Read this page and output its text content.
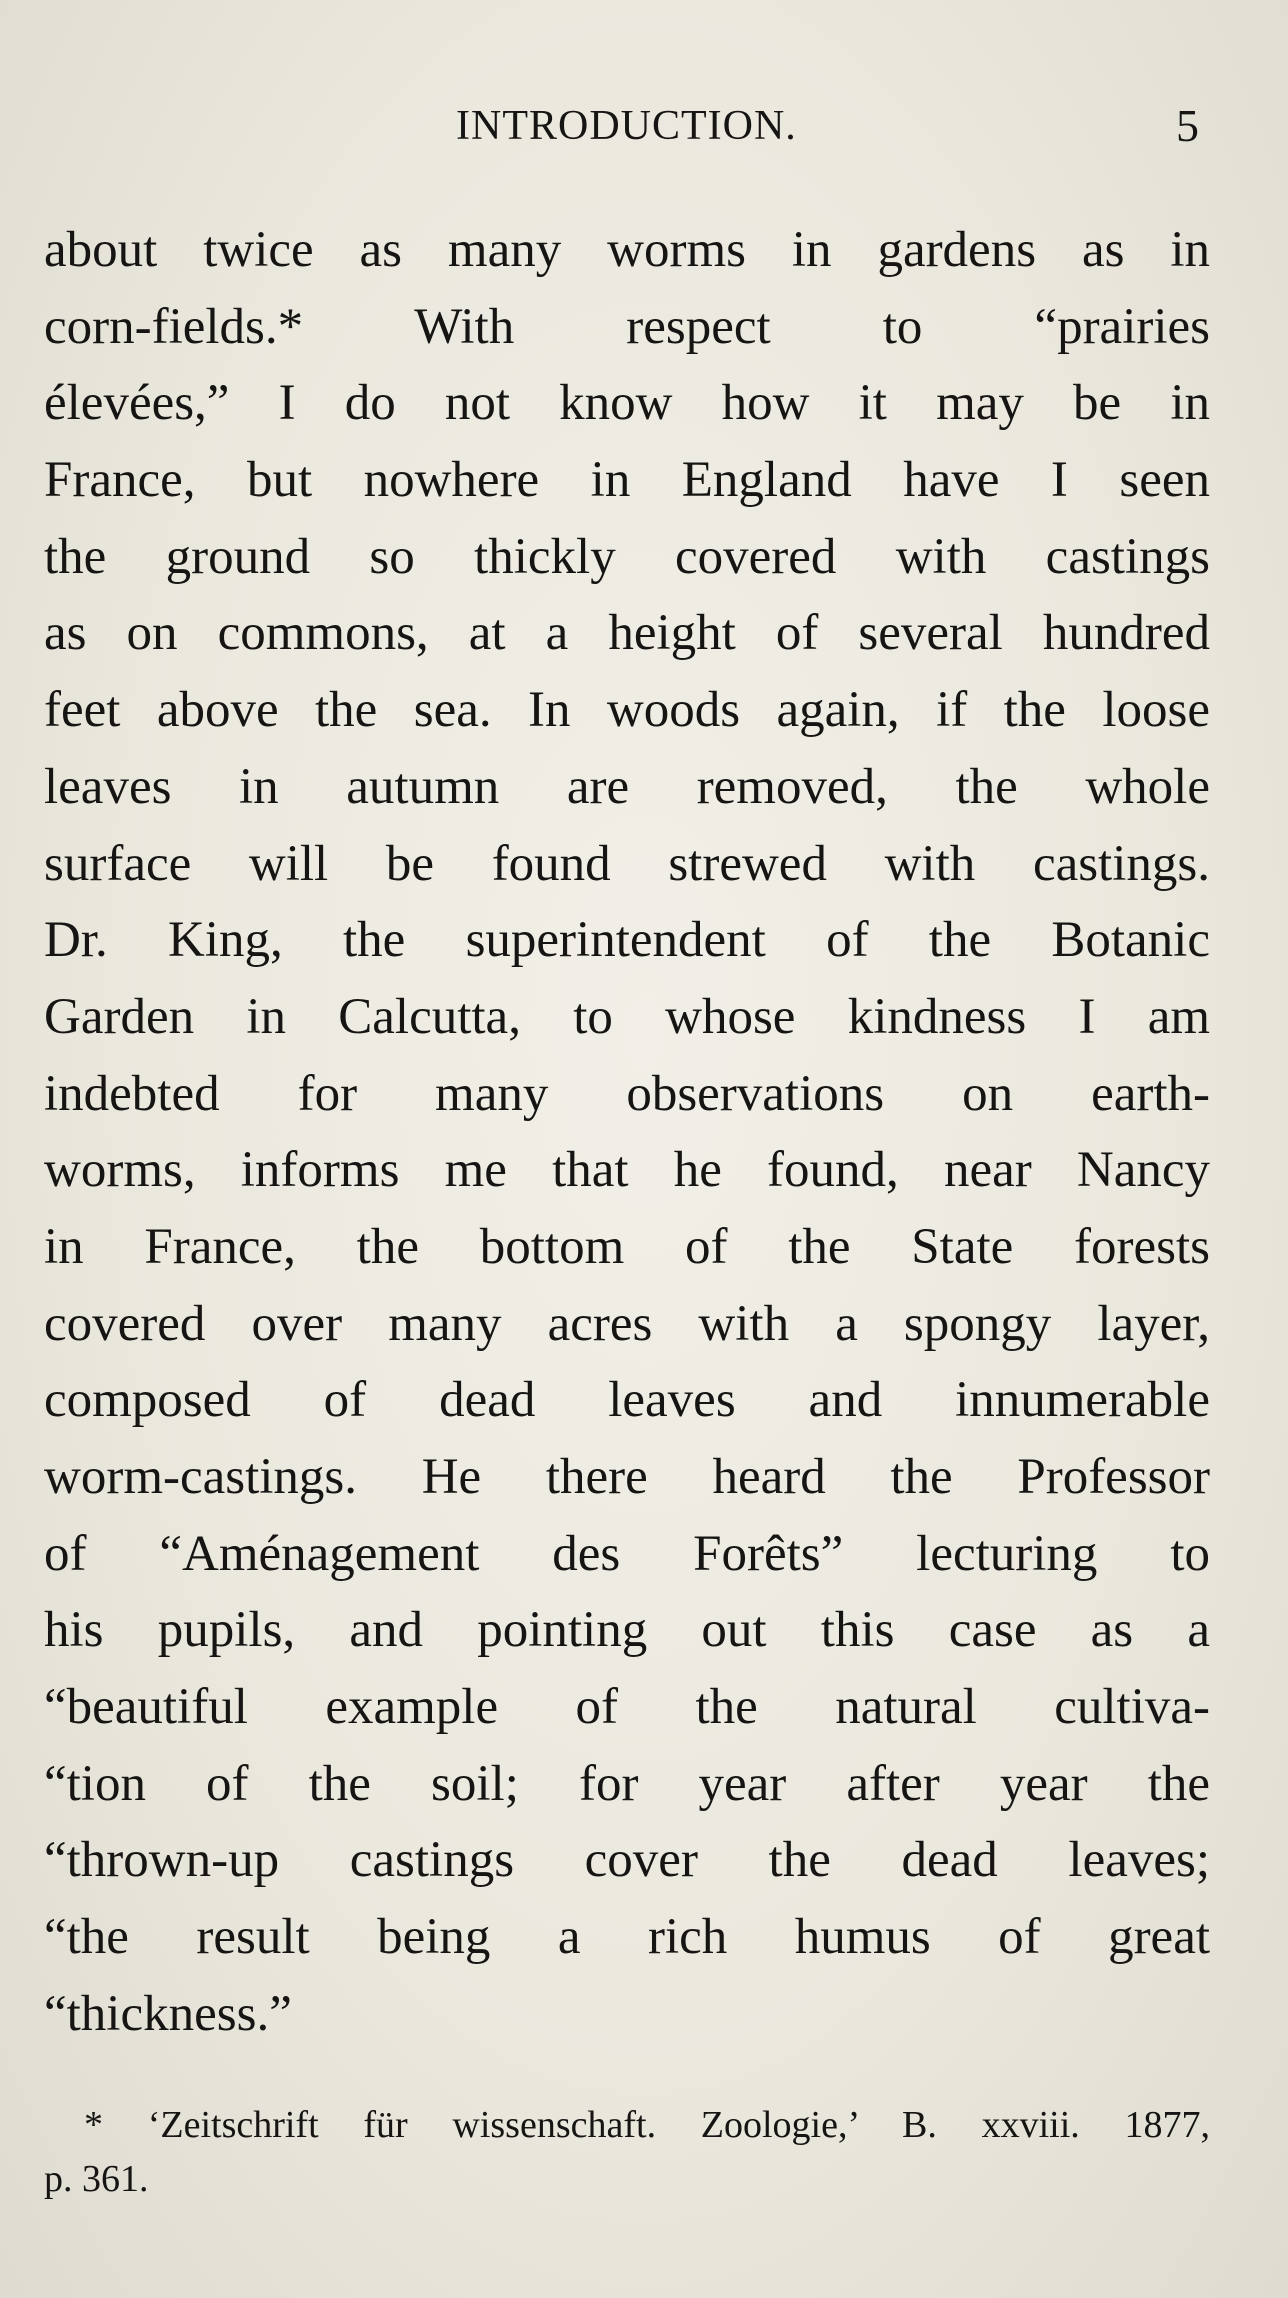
INTRODUCTION.	5
about twice as many worms in gardens as in
corn-fields.* With respect to “prairies
élevées,” I do not know how it may be in
France, but nowhere in England have I seen
the ground so thickly covered with castings
as on commons, at a height of several hundred
feet above the sea. In woods again, if the loose
leaves in autumn are removed, the whole
surface will be found strewed with castings.
Dr. King, the superintendent of the Botanic
Garden in Calcutta, to whose kindness I am
indebted for many observations on earth-
worms, informs me that he found, near Nancy
in France, the bottom of the State forests
covered over many acres with a spongy layer,
composed of dead leaves and innumerable
worm-castings. He there heard the Professor
of “Aménagement des Forêts” lecturing to
his pupils, and pointing out this case as a
“beautiful example of the natural cultiva-
“tion of the soil; for year after year the
“thrown-up castings cover the dead leaves;
“the result being a rich humus of great
“thickness.”
* ‘Zeitschrift für wissenschaft. Zoologie,’ B. xxviii. 1877,
p. 361.
